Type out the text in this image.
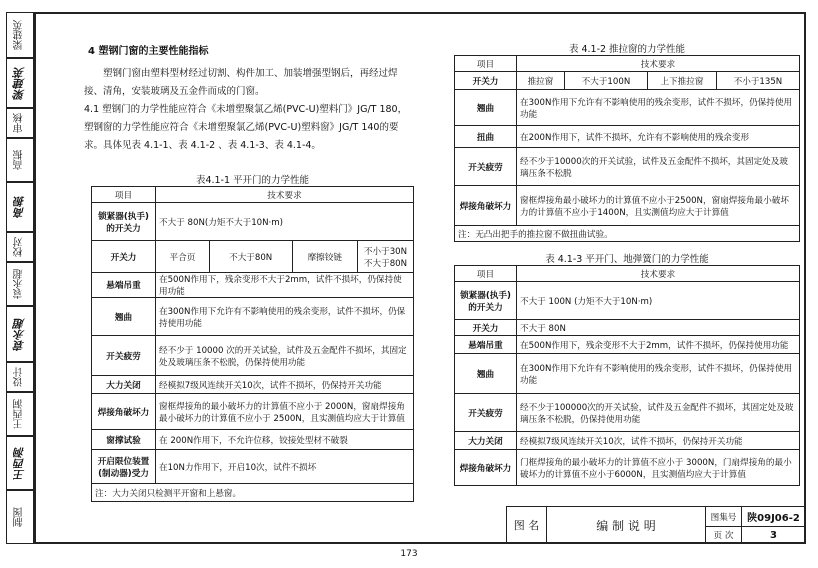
梁建英
梁建英
审核
高振
高振
校对
袁永超
袁永超
设计
王西洞
王西洞
制图
4 塑钢门窗的主要性能指标

塑钢门窗由塑料型材经过切割、构件加工、加装增强型钢后，再经过焊接、清角，安装玻璃及五金件而成的门窗。

4.1 塑钢门的力学性能应符合《未增塑聚氯乙烯(PVC-U)塑料门》JG/T 180，塑钢窗的力学性能应符合《未增塑聚氯乙烯(PVC-U)塑料窗》JG/T 140的要求。具体见表 4.1-1、表 4.1-2 、表 4.1-3、表 4.1-4。

表4.1-1 平开门的力学性能
项目	技术要求			
锁紧器(执手)的开关力	不大于 80N(力矩不大于10N·m)			
开关力	平合页	不大于80N	摩擦铰链	不小于30N
不大于80N
悬端吊重	在500N作用下，残余变形不大于2mm，试件不损坏，仍保持使用功能			
翘曲	在300N作用下允许有不影响使用的残余变形，试件不损坏，仍保持使用功能			
开关疲劳	经不少于 10000 次的开关试验，试件及五金配件不损坏，其固定处及玻璃压条不松脱，仍保持使用功能			
大力关闭	经模拟7级风连续开关10次，试件不损坏，仍保持开关功能			
焊接角破坏力	窗框焊接角的最小破坏力的计算值不应小于 2000N，窗扇焊接角最小破坏力的计算值不应小于 2500N，且实测值均应大于计算值			
窗撑试验	在 200N作用下，不允许位移，铰接处型材不破裂			
开启限位装置(制动器)受力	在10N力作用下，开启10次，试件不损坏			
注：大力关闭只检测平开窗和上悬窗。				
表 4.1-2 推拉窗的力学性能
项目	技术要求			
开关力	推拉窗	不大于100N	上下推拉窗	不小于135N
翘曲	在300N作用下允许有不影响使用的残余变形，试件不损坏，仍保持使用功能			
扭曲	在200N作用下，试件不损坏，允许有不影响使用的残余变形			
开关疲劳	经不少于10000次的开关试验，试件及五金配件不损坏，其固定处及玻璃压条不松脱			
焊接角破坏力	窗框焊接角最小破坏力的计算值不应小于2500N，窗扇焊接角最小破坏力的计算值不应小于1400N，且实测值均应大于计算值			
注：无凸出把手的推拉窗不做扭曲试验。				
表 4.1-3 平开门、地弹簧门的力学性能
项目	技术要求
锁紧器(执手)的开关力	不大于 100N (力矩不大于10N·m)
开关力	不大于 80N
悬端吊重	在500N作用下，残余变形不大于2mm，试件不损坏，仍保持使用功能
翘曲	在300N作用下允许有不影响使用的残余变形，试件不损坏，仍保持使用功能
开关疲劳	经不少于100000次的开关试验，试件及五金配件不损坏，其固定处及玻璃压条不松脱，仍保持使用功能
大力关闭	经模拟7级风连续开关10次，试件不损坏，仍保持开关功能
焊接角破坏力	门框焊接角的最小破坏力的计算值不应小于 3000N，门扇焊接角的最小破坏力的计算值不应小于6000N，且实测值均应大于计算值
图 名	编 制 说 明	图集号	陕09J06-2
		页 次	3
173
